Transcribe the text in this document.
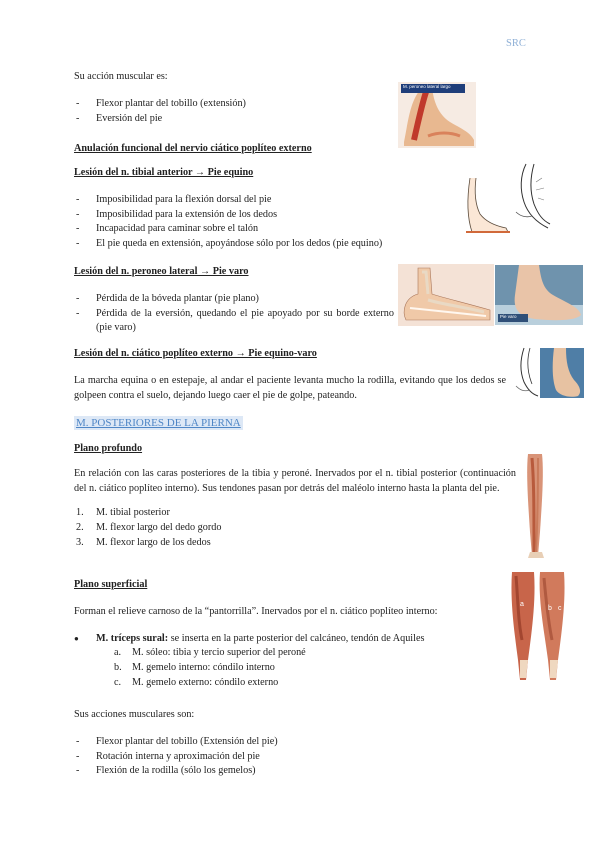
SRC

Su acción muscular es:

- Flexor plantar del tobillo (extensión)
- Eversión del pie
M. peroneo lateral largo

Anulación funcional del nervio ciático poplíteo externo

Lesión del n. tibial anterior → Pie equino

- Imposibilidad para la flexión dorsal del pie
- Imposibilidad para la extensión de los dedos
- Incapacidad para caminar sobre el talón
- El pie queda en extensión, apoyándose sólo por los dedos (pie equino)

Lesión del n. peroneo lateral → Pie varo

- Pérdida de la bóveda plantar (pie plano)
- Pérdida de la eversión, quedando el pie apoyado por su borde externo (pie varo)
Pie varo

Lesión del n. ciático poplíteo externo → Pie equino-varo

La marcha equina o en estepaje, al andar el paciente levanta mucho la rodilla, evitando que los dedos se golpeen contra el suelo, dejando luego caer el pie de golpe, pateando.

M. POSTERIORES DE LA PIERNA

Plano profundo

En relación con las caras posteriores de la tibia y peroné. Inervados por el n. tibial posterior (continuación del n. ciático poplíteo interno). Sus tendones pasan por detrás del maléolo interno hasta la planta del pie.

1. M. tibial posterior
2. M. flexor largo del dedo gordo
3. M. flexor largo de los dedos

Plano superficial

Forman el relieve carnoso de la “pantorrilla”. Inervados por el n. ciático poplíteo interno:

● M. tríceps sural: se inserta en la parte posterior del calcáneo, tendón de Aquiles
a. M. sóleo: tibia y tercio superior del peroné
b. M. gemelo interno: cóndilo interno
c. M. gemelo externo: cóndilo externo
a
b c

Sus acciones musculares son:

- Flexor plantar del tobillo (Extensión del pie)
- Rotación interna y aproximación del pie
- Flexión de la rodilla (sólo los gemelos)
